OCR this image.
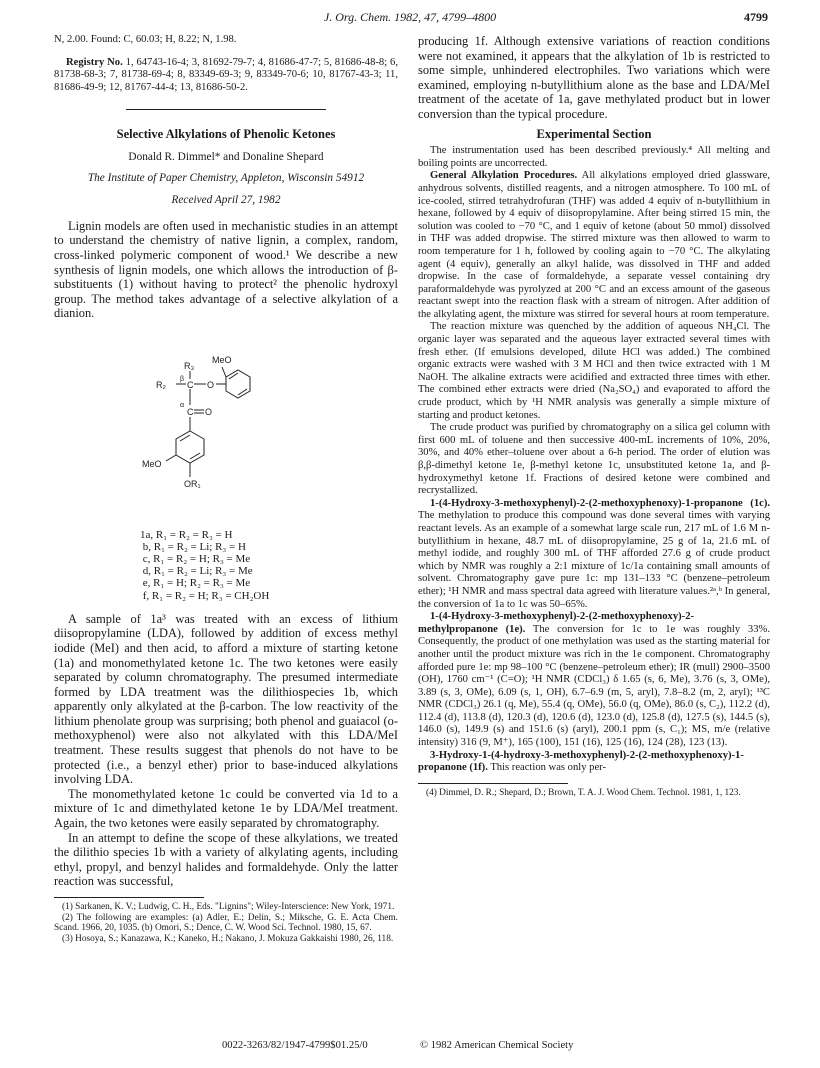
J. Org. Chem. 1982, 47, 4799–4800	4799

N, 2.00. Found: C, 60.03; H, 8.22; N, 1.98.

Registry No. 1, 64743-16-4; 3, 81692-79-7; 4, 81686-47-7; 5, 81686-48-8; 6, 81738-68-3; 7, 81738-69-4; 8, 83349-69-3; 9, 83349-70-6; 10, 81767-43-3; 11, 81686-49-9; 12, 81767-44-4; 13, 81686-50-2.

Selective Alkylations of Phenolic Ketones

Donald R. Dimmel* and Donaline Shepard

The Institute of Paper Chemistry, Appleton, Wisconsin 54912

Received April 27, 1982

Lignin models are often used in mechanistic studies in an attempt to understand the chemistry of native lignin, a complex, random, cross-linked polymeric component of wood.¹ We describe a new synthesis of lignin models, one which allows the introduction of β-substituents (1) without having to protect² the phenolic hydroxyl group. The method takes advantage of a selective alkylation of a dianion.

MeO
R₃
R₂
β
C O
α
C O
MeO
OR₁
1a, R₁ = R₂ = R₃ = H
b, R₁ = R₂ = Li; R₃ = H
c, R₁ = R₂ = H; R₃ = Me
d, R₁ = R₂ = Li; R₃ = Me
e, R₁ = H; R₂ = R₃ = Me
f, R₁ = R₂ = H; R₃ = CH₂OH

A sample of 1a³ was treated with an excess of lithium diisopropylamine (LDA), followed by addition of excess methyl iodide (MeI) and then acid, to afford a mixture of starting ketone (1a) and monomethylated ketone 1c. The two ketones were easily separated by column chromatography. The presumed intermediate formed by LDA treatment was the dilithiospecies 1b, which apparently only alkylated at the β-carbon. The low reactivity of the lithium phenolate group was surprising; both phenol and guaiacol (o-methoxyphenol) were also not alkylated with this LDA/MeI treatment. These results suggest that phenols do not have to be protected (i.e., a benzyl ether) prior to base-induced alkylations involving LDA.

The monomethylated ketone 1c could be converted via 1d to a mixture of 1c and dimethylated ketone 1e by LDA/MeI treatment. Again, the two ketones were easily separated by chromatography.

In an attempt to define the scope of these alkylations, we treated the dilithio species 1b with a variety of alkylating agents, including ethyl, propyl, and benzyl halides and formaldehyde. Only the latter reaction was successful,

(1) Sarkanen, K. V.; Ludwig, C. H., Eds. "Lignins"; Wiley-Interscience: New York, 1971.

(2) The following are examples: (a) Adler, E.; Delin, S.; Miksche, G. E. Acta Chem. Scand. 1966, 20, 1035. (b) Omori, S.; Dence, C. W. Wood Sci. Technol. 1980, 15, 67.

(3) Hosoya, S.; Kanazawa, K.; Kaneko, H.; Nakano, J. Mokuza Gakkaishi 1980, 26, 118.

producing 1f. Although extensive variations of reaction conditions were not examined, it appears that the alkylation of 1b is restricted to some simple, unhindered electrophiles. Two variations which were examined, employing n-butyllithium alone as the base and LDA/MeI treatment of the acetate of 1a, gave methylated product but in lower conversion than the typical procedure.

Experimental Section

The instrumentation used has been described previously.⁴ All melting and boiling points are uncorrected.

General Alkylation Procedures. All alkylations employed dried glassware, anhydrous solvents, distilled reagents, and a nitrogen atmosphere. To 100 mL of ice-cooled, stirred tetrahydrofuran (THF) was added 4 equiv of n-butyllithium in hexane, followed by 4 equiv of diisopropylamine. After being stirred 15 min, the solution was cooled to −70 °C, and 1 equiv of ketone (about 50 mmol) dissolved in THF was added dropwise. The stirred mixture was then allowed to warm to room temperature for 1 h, followed by cooling again to −70 °C. The alkylating agent (4 equiv), generally an alkyl halide, was dissolved in THF and added dropwise. In the case of formaldehyde, a separate vessel containing dry paraformaldehyde was pyrolyzed at 200 °C and an excess amount of the gaseous reactant swept into the reaction flask with a stream of nitrogen. After addition of the alkylating agent, the mixture was stirred for several hours at room temperature.

The reaction mixture was quenched by the addition of aqueous NH₄Cl. The organic layer was separated and the aqueous layer extracted several times with fresh ether. (If emulsions developed, dilute HCl was added.) The combined organic extracts were washed with 3 M HCl and then twice extracted with 1 M NaOH. The alkaline extracts were acidified and extracted three times with ether. The combined ether extracts were dried (Na₂SO₄) and evaporated to afford the crude product, which by ¹H NMR analysis was generally a simple mixture of starting and product ketones.

The crude product was purified by chromatography on a silica gel column with first 600 mL of toluene and then successive 400-mL increments of 10%, 20%, 30%, and 40% ether–toluene over about a 6-h period. The order of elution was β,β-dimethyl ketone 1e, β-methyl ketone 1c, unsubstituted ketone 1a, and β-hydroxymethyl ketone 1f. Fractions of desired ketone were combined and recrystallized.

1-(4-Hydroxy-3-methoxyphenyl)-2-(2-methoxyphenoxy)-1-propanone (1c). The methylation to produce this compound was done several times with varying reactant levels. As an example of a somewhat large scale run, 217 mL of 1.6 M n-butyllithium in hexane, 48.7 mL of diisopropylamine, 25 g of 1a, 21.6 mL of methyl iodide, and roughly 300 mL of THF afforded 27.6 g of crude product which by NMR was roughly a 2:1 mixture of 1c/1a containing small amounts of solvent. Chromatography gave pure 1c: mp 131–133 °C (benzene–petroleum ether); ¹H NMR and mass spectral data agreed with literature values.²ᵃ,ᵇ In general, the conversion of 1a to 1c was 50–65%.

1-(4-Hydroxy-3-methoxyphenyl)-2-(2-methoxyphenoxy)-2-methylpropanone (1e). The conversion for 1c to 1e was roughly 33%. Consequently, the product of one methylation was used as the starting material for another until the product mixture was rich in the 1e component. Chromatography afforded pure 1e: mp 98–100 °C (benzene–petroleum ether); IR (mull) 2900–3500 (OH), 1760 cm⁻¹ (C=O); ¹H NMR (CDCl₃) δ 1.65 (s, 6, Me), 3.76 (s, 3, OMe), 3.89 (s, 3, OMe), 6.09 (s, 1, OH), 6.7–6.9 (m, 5, aryl), 7.8–8.2 (m, 2, aryl); ¹³C NMR (CDCl₃) 26.1 (q, Me), 55.4 (q, OMe), 56.0 (q, OMe), 86.0 (s, C₂), 112.2 (d), 112.4 (d), 113.8 (d), 120.3 (d), 120.6 (d), 123.0 (d), 125.8 (d), 127.5 (s), 144.5 (s), 146.0 (s), 149.9 (s) and 151.6 (s) (aryl), 200.1 ppm (s, C₁); MS, m/e (relative intensity) 316 (9, M⁺), 165 (100), 151 (16), 125 (16), 124 (28), 123 (13).

3-Hydroxy-1-(4-hydroxy-3-methoxyphenyl)-2-(2-methoxyphenoxy)-1-propanone (1f). This reaction was only per-

(4) Dimmel, D. R.; Shepard, D.; Brown, T. A. J. Wood Chem. Technol. 1981, 1, 123.

0022-3263/82/1947-4799$01.25/0	© 1982 American Chemical Society
